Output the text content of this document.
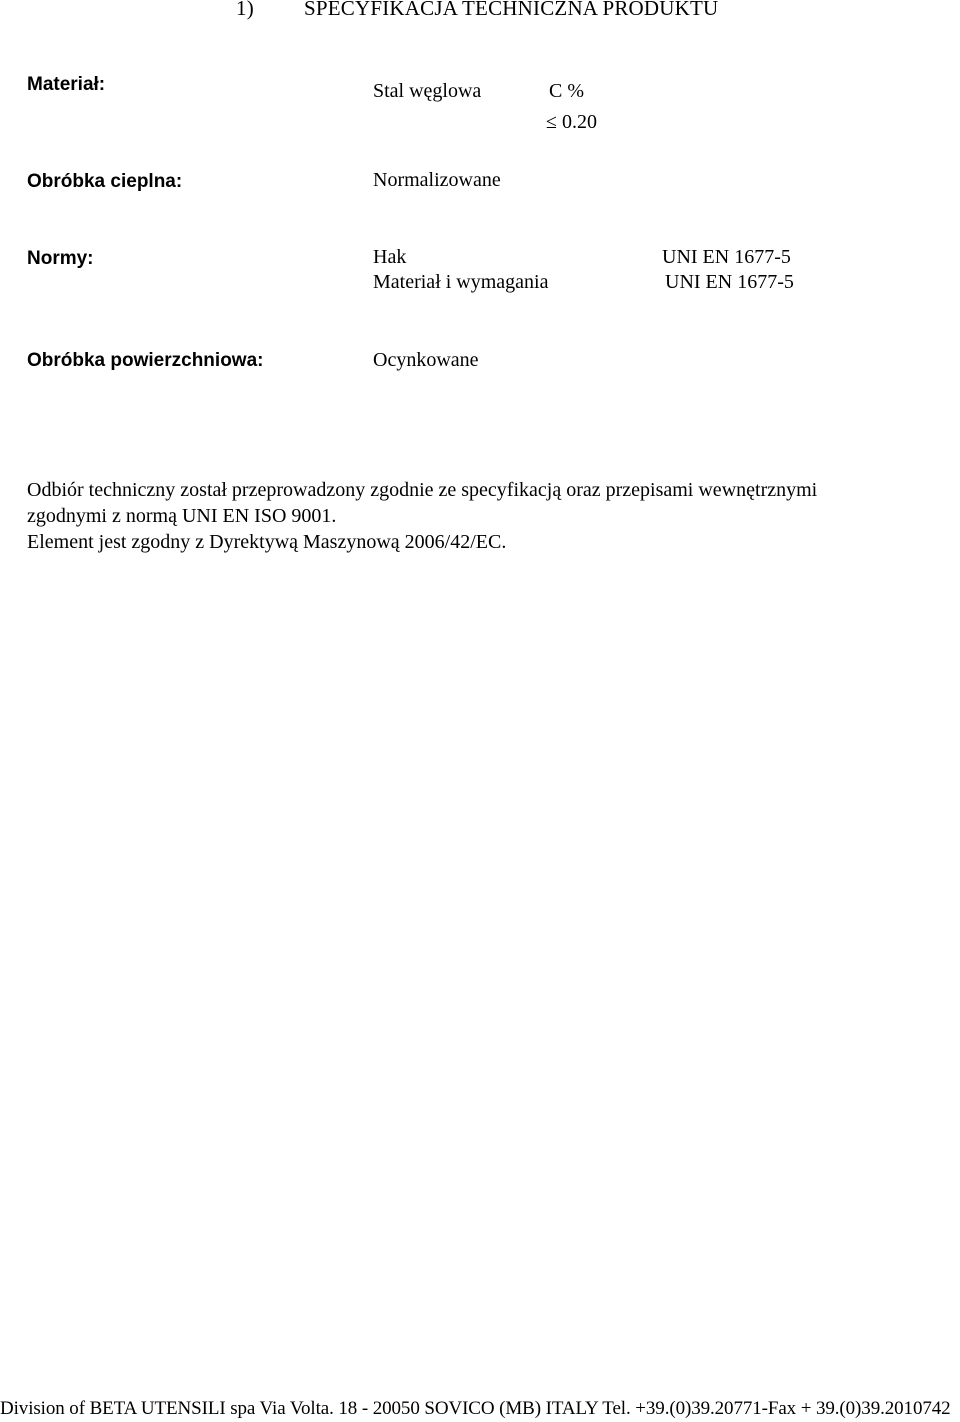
1) SPECYFIKACJA TECHNICZNA PRODUKTU
Materiał:	Stal węglowa	C %
≤ 0.20
Obróbka cieplna:	Normalizowane
Normy:	Hak	UNI EN 1677-5
Materiał i wymagania	UNI EN 1677-5
Obróbka powierzchniowa:	Ocynkowane
Odbiór techniczny został przeprowadzony zgodnie ze specyfikacją oraz przepisami wewnętrznymi
zgodnymi z normą UNI EN ISO 9001.
Element jest zgodny z Dyrektywą Maszynową 2006/42/EC.
Division of BETA UTENSILI spa Via Volta. 18 - 20050 SOVICO (MB) ITALY Tel. +39.(0)39.20771-Fax + 39.(0)39.2010742
